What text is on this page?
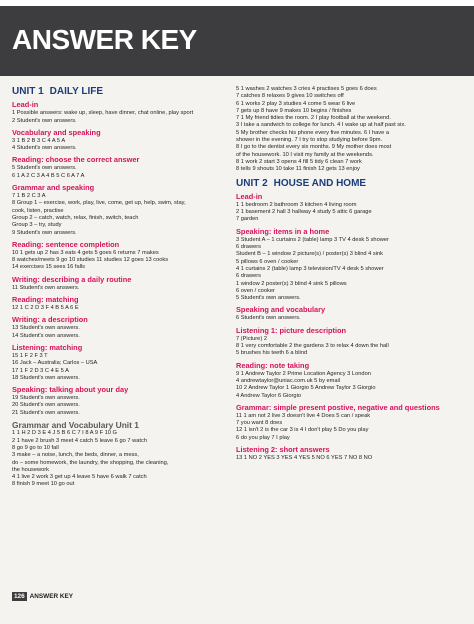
ANSWER KEY
UNIT 1 DAILY LIFE
Lead-in
1 Possible answers: wake up, sleep, have dinner, chat online, play sport
2 Student's own answers.
Vocabulary and speaking
3 1 B 2 B 3 C 4 A 5 A
4 Student's own answers.
Reading: choose the correct answer
5 Student's own answers.
6 1 A 2 C 3 A 4 B 5 C 6 A 7 A
Grammar and speaking
7 1 B 2 C 3 A
8 Group 1 – exercise, work, play, live, come, get up, help, swim, stay,
cook, listen, practise
Group 2 – catch, watch, relax, finish, switch, teach
Group 3 – try, study
9 Student's own answers.
Reading: sentence completion
10 1 gets up 2 has 3 eats 4 gets 5 goes 6 returns 7 makes
8 watches/meets 9 go 10 studies 11 studies 12 goes 13 cooks
14 exercises 15 sees 16 falls
Writing: describing a daily routine
11 Student's own answers.
Reading: matching
12 1 C 2 D 3 F 4 B 5 A 6 E
Writing: a description
13 Student's own answers.
14 Student's own answers.
Listening: matching
15 1 F 2 F 3 T
16 Jack – Australia; Carlos – USA
17 1 F 2 D 3 C 4 E 5 A
18 Student's own answers.
Speaking: talking about your day
19 Student's own answers.
20 Student's own answers.
21 Student's own answers.
Grammar and Vocabulary Unit 1
1 1 H 2 D 3 E 4 J 5 B 6 C 7 I 8 A 9 F 10 G
2 1 have 2 brush 3 meet 4 catch 5 leave 6 go 7 watch
8 go 9 go to 10 fall
3 make – a noise, lunch, the beds, dinner, a mess,
do – some homework, the laundry, the shopping, the cleaning,
the housework
4 1 live 2 work 3 get up 4 leave 5 have 6 walk 7 catch
8 finish 9 meet 10 go out
5 1 washes 2 watches 3 cries 4 practises 5 goes 6 does
7 catches 8 relaxes 9 gives 10 switches off
6 1 works 2 play 3 studies 4 come 5 wear 6 live
7 gets up 8 have 9 makes 10 begins / finishes
7 1 My friend tidies the room. 2 I play football at the weekend.
3 I take a sandwich to college for lunch. 4 I wake up at half past six.
5 My brother checks his phone every five minutes. 6 I have a
shower in the evening. 7 I try to stop studying before 9pm.
8 I go to the dentist every six months. 9 My mother does most
of the housework. 10 I visit my family at the weekends.
8 1 work 2 start 3 opens 4 fill 5 tidy 6 clean 7 work
8 tells 9 shouts 10 take 11 finish 12 gets 13 enjoy
UNIT 2 HOUSE AND HOME
Lead-in
1 1 bedroom 2 bathroom 3 kitchen 4 living room
2 1 basement 2 hall 3 hallway 4 study 5 attic 6 garage
7 garden
Speaking: items in a home
3 Student A – 1 curtains 2 (table) lamp 3 TV 4 desk 5 shower
6 drawers
Student B – 1 window 2 picture(s) / poster(s) 3 blind 4 sink
5 pillows 6 oven / cooker
4 1 curtains 2 (table) lamp 3 television/TV 4 desk 5 shower
6 drawers
1 window 2 poster(s) 3 blind 4 sink 5 pillows
6 oven / cooker
5 Student's own answers.
Speaking and vocabulary
6 Student's own answers.
Listening 1: picture description
7 (Picture) 2
8 1 very comfortable 2 the gardens 3 to relax 4 down the hall
5 brushes his teeth 6 a blind
Reading: note taking
9 1 Andrew Taylor 2 Prime Location Agency 3 London
4 andrewtaylor@uniac.com.uk 5 by email
10 2 Andrew Taylor 1 Giorgio 5 Andrew Taylor 3 Giorgio
4 Andrew Taylor 6 Giorgio
Grammar: simple present postive, negative and questions
11 1 am not 2 live 3 doesn't live 4 Does 5 can / speak
7 you want 8 does
12 1 isn't 2 is the car 3 is 4 I don't play 5 Do you play
6 do you play 7 I play
Listening 2: short answers
13 1 NO 2 YES 3 YES 4 YES 5 NO 6 YES 7 NO 8 NO
126 ANSWER KEY
